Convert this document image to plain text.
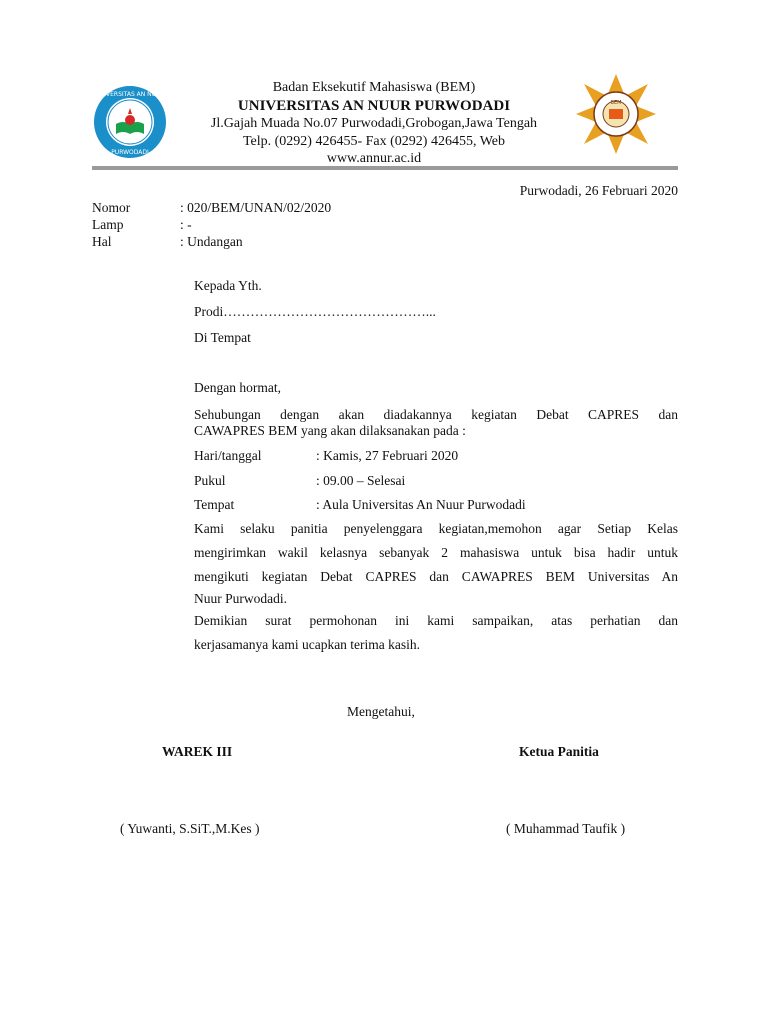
UNIVERSITAS AN NUUR
PURWODADI
BEM
Badan Eksekutif Mahasiswa (BEM)
UNIVERSITAS AN NUUR PURWODADI
Jl.Gajah Muada No.07 Purwodadi,Grobogan,Jawa Tengah
Telp. (0292) 426455- Fax (0292) 426455, Web
www.annur.ac.id
Purwodadi, 26 Februari 2020
Nomor	: 020/BEM/UNAN/02/2020
Lamp	: -
Hal	: Undangan
Kepada Yth.
Prodi………………………………………...
Di Tempat
Dengan hormat,
Sehubungan dengan akan diadakannya kegiatan Debat CAPRES dan
CAWAPRES BEM yang akan dilaksanakan pada :
Hari/tanggal	: Kamis, 27 Februari 2020
Pukul	: 09.00 – Selesai
Tempat	: Aula Universitas An Nuur Purwodadi
Kami selaku panitia penyelenggara kegiatan,memohon agar Setiap Kelas
mengirimkan wakil kelasnya sebanyak 2 mahasiswa untuk bisa hadir untuk
mengikuti kegiatan Debat CAPRES dan CAWAPRES BEM Universitas An
Nuur Purwodadi.
Demikian surat permohonan ini kami sampaikan, atas perhatian dan
kerjasamanya kami ucapkan terima kasih.
Mengetahui,
WAREK III	Ketua Panitia
( Yuwanti, S.SiT.,M.Kes )	( Muhammad Taufik )
